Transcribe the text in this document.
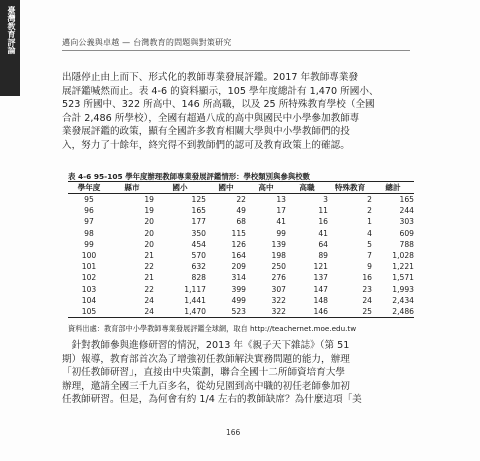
臺灣教育評論	邁向公義與卓越 — 台灣教育的問題與對策研究
出隱停止由上而下、形式化的教師專業發展評鑑。2017 年教師專業發
展評鑑喊然而止。表 4-6 的資料顯示，105 學年度總計有 1,470 所國小、
523 所國中、322 所高中、146 所高職，以及 25 所特殊教育學校（全國
合計 2,486 所學校），全國有超過八成的高中與國民中小學參加教師專
業發展評鑑的政策，顯有全國許多教育相關大學與中小學教師們的投
入，努力了十餘年，終究得不到教師們的認可及教育政策上的確認。
表 4-6 95-105 學年度辦理教師專業發展評鑑情形：學校類別與參與校數
學年度	縣市	國小	國中	高中	高職	特殊教育	總計
95	19	125	22	13	3	2	165
96	19	165	49	17	11	2	244
97	20	177	68	41	16	1	303
98	20	350	115	99	41	4	609
99	20	454	126	139	64	5	788
100	21	570	164	198	89	7	1,028
101	22	632	209	250	121	9	1,221
102	21	828	314	276	137	16	1,571
103	22	1,117	399	307	147	23	1,993
104	24	1,441	499	322	148	24	2,434
105	24	1,470	523	322	146	25	2,486
資料出處：教育部中小學教師專業發展評鑑全球網，取自 http://teachernet.moe.edu.tw
　針對教師參與進修研習的情況，2013 年《親子天下雜誌》（第 51
期）報導，教育部首次為了增強初任教師解決實務問題的能力，辦理
「初任教師研習」，直接由中央策劃，聯合全國十二所師資培育大學
辦理，邀請全國三千九百多名，從幼兒園到高中職的初任老師參加初
任教師研習。但是，為何會有約 1/4 左右的教師缺席？為什麼這項「美
166
